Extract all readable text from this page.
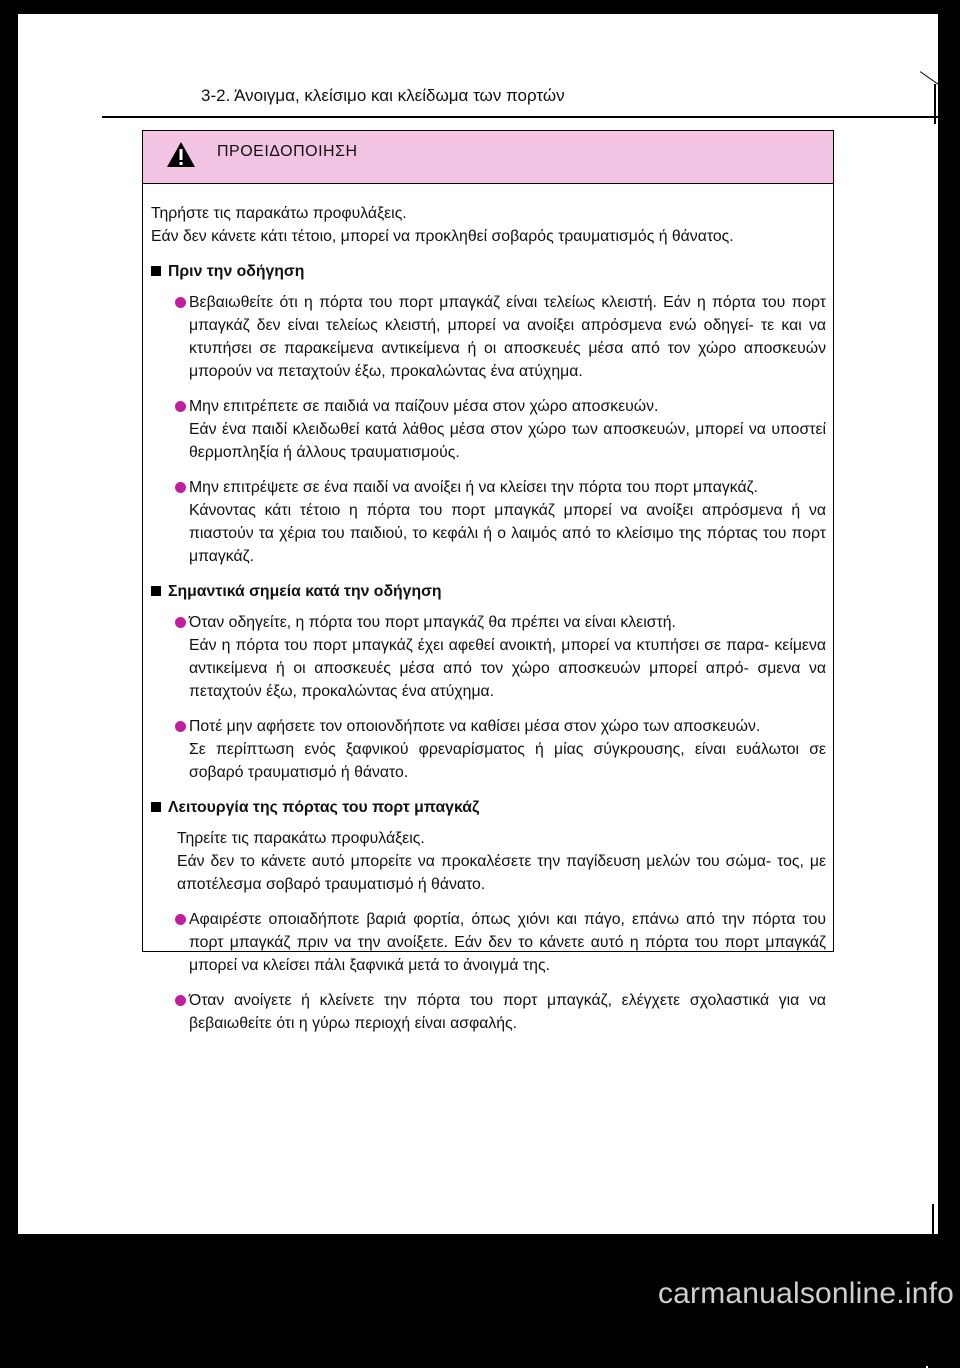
3-2. Άνοιγμα, κλείσιμο και κλείδωμα των πορτών
ΠΡΟΕΙΔΟΠΟΙΗΣΗ

Τηρήστε τις παρακάτω προφυλάξεις.

Εάν δεν κάνετε κάτι τέτοιο, μπορεί να προκληθεί σοβαρός τραυματισμός ή θάνατος.

Πριν την οδήγηση
Βεβαιωθείτε ότι η πόρτα του πορτ μπαγκάζ είναι τελείως κλειστή. Εάν η πόρτα του πορτ μπαγκάζ δεν είναι τελείως κλειστή, μπορεί να ανοίξει απρόσμενα ενώ οδηγεί- τε και να κτυπήσει σε παρακείμενα αντικείμενα ή οι αποσκευές μέσα από τον χώρο αποσκευών μπορούν να πεταχτούν έξω, προκαλώντας ένα ατύχημα.

Μην επιτρέπετε σε παιδιά να παίζουν μέσα στον χώρο αποσκευών.

Εάν ένα παιδί κλειδωθεί κατά λάθος μέσα στον χώρο των αποσκευών, μπορεί να υποστεί θερμοπληξία ή άλλους τραυματισμούς.

Μην επιτρέψετε σε ένα παιδί να ανοίξει ή να κλείσει την πόρτα του πορτ μπαγκάζ.

Κάνοντας κάτι τέτοιο η πόρτα του πορτ μπαγκάζ μπορεί να ανοίξει απρόσμενα ή να πιαστούν τα χέρια του παιδιού, το κεφάλι ή ο λαιμός από το κλείσιμο της πόρτας του πορτ μπαγκάζ.

Σημαντικά σημεία κατά την οδήγηση

Όταν οδηγείτε, η πόρτα του πορτ μπαγκάζ θα πρέπει να είναι κλειστή.

Εάν η πόρτα του πορτ μπαγκάζ έχει αφεθεί ανοικτή, μπορεί να κτυπήσει σε παρα- κείμενα αντικείμενα ή οι αποσκευές μέσα από τον χώρο αποσκευών μπορεί απρό- σμενα να πεταχτούν έξω, προκαλώντας ένα ατύχημα.

Ποτέ μην αφήσετε τον οποιονδήποτε να καθίσει μέσα στον χώρο των αποσκευών.

Σε περίπτωση ενός ξαφνικού φρεναρίσματος ή μίας σύγκρουσης, είναι ευάλωτοι σε σοβαρό τραυματισμό ή θάνατο.

Λειτουργία της πόρτας του πορτ μπαγκάζ

Τηρείτε τις παρακάτω προφυλάξεις.

Εάν δεν το κάνετε αυτό μπορείτε να προκαλέσετε την παγίδευση μελών του σώμα- τος, με αποτέλεσμα σοβαρό τραυματισμό ή θάνατο.

Αφαιρέστε οποιαδήποτε βαριά φορτία, όπως χιόνι και πάγο, επάνω από την πόρτα του πορτ μπαγκάζ πριν να την ανοίξετε. Εάν δεν το κάνετε αυτό η πόρτα του πορτ μπαγκάζ μπορεί να κλείσει πάλι ξαφνικά μετά το άνοιγμά της.
Όταν ανοίγετε ή κλείνετε την πόρτα του πορτ μπαγκάζ, ελέγχετε σχολαστικά για να βεβαιωθείτε ότι η γύρω περιοχή είναι ασφαλής.
carmanualsonline.info
